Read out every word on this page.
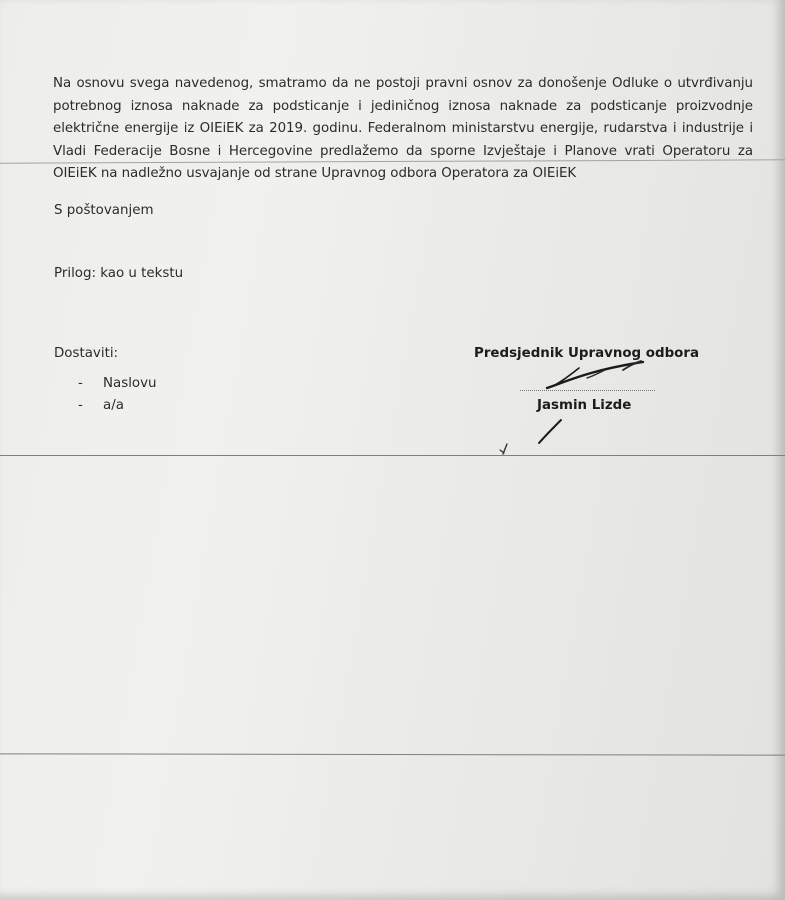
Na osnovu svega navedenog, smatramo da ne postoji pravni osnov za donošenje Odluke o utvrđivanju
potrebnog iznosa naknade za podsticanje i jediničnog iznosa naknade za podsticanje proizvodnje
električne energije iz OIEiEK za 2019. godinu. Federalnom ministarstvu energije, rudarstva i industrije i
Vladi Federacije Bosne i Hercegovine predlažemo da sporne Izvještaje i Planove vrati Operatoru za
OIEiEK na nadležno usvajanje od strane Upravnog odbora Operatora za OIEiEK
S poštovanjem
Prilog: kao u tekstu
Dostaviti:
- Naslovu
- a/a
Predsjednik Upravnog odbora
Jasmin Lizde
